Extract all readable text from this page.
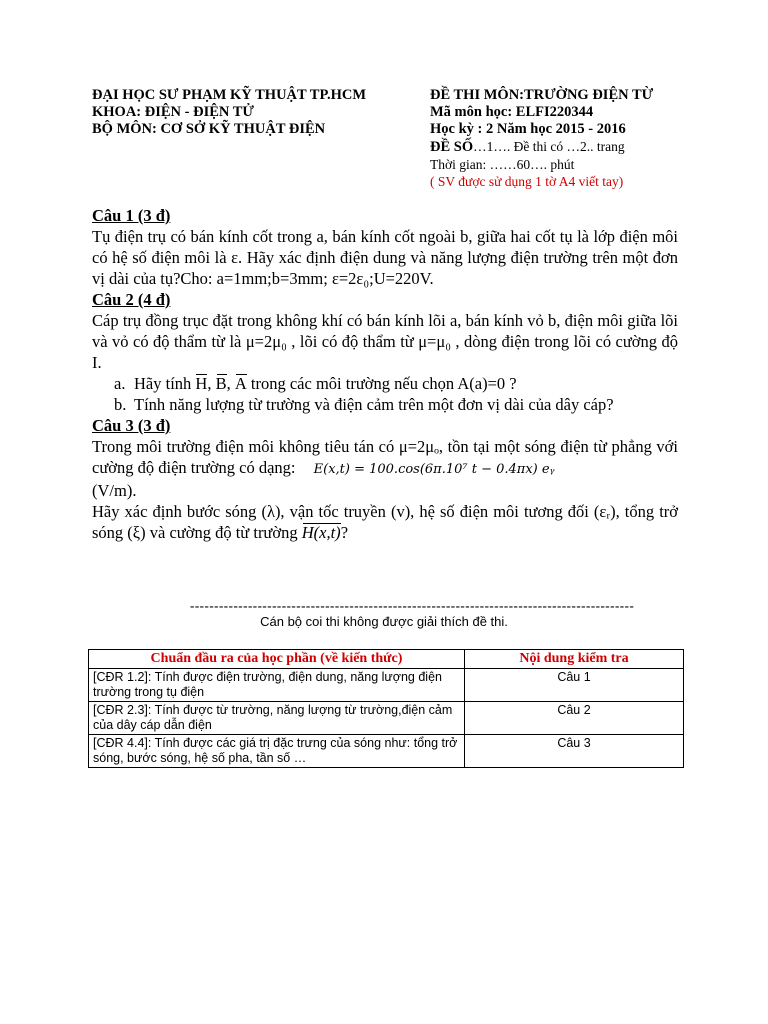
ĐẠI HỌC SƯ PHẠM KỸ THUẬT TP.HCM
KHOA: ĐIỆN - ĐIỆN TỬ
BỘ MÔN: CƠ SỞ KỸ THUẬT ĐIỆN
ĐỀ THI MÔN:TRƯỜNG ĐIỆN TỪ
Mã môn học: ELFI220344
Học kỳ : 2 Năm học 2015 - 2016
ĐỀ SỐ…1…. Đề thi có …2.. trang
Thời gian: ……60…. phút
( SV được sử dụng 1 tờ A4 viết tay)

Câu 1 (3 đ)

Tụ điện trụ có bán kính cốt trong a, bán kính cốt ngoài b, giữa hai cốt tụ là lớp điện môi có hệ số điện môi là ε. Hãy xác định điện dung và năng lượng điện trường trên một đơn vị dài của tụ?Cho: a=1mm;b=3mm; ε=2ε₀;U=220V.

Câu 2 (4 đ)

Cáp trụ đồng trục đặt trong không khí có bán kính lõi a, bán kính vỏ b, điện môi giữa lõi và vỏ có độ thẩm từ là μ=2μ₀ , lõi có độ thẩm từ μ=μ₀ , dòng điện trong lõi có cường độ I.

a. Hãy tính H, B, A trong các môi trường nếu chọn A(a)=0 ?
b. Tính năng lượng từ trường và điện cảm trên một đơn vị dài của dây cáp?

Câu 3 (3 đ)

Trong môi trường điện môi không tiêu tán có μ=2μₒ, tồn tại một sóng điện từ phẳng với cường độ điện trường có dạng: E(x,t) = 100.cos(6π.10⁷ t − 0.4πx) eᵧ
(V/m).

Hãy xác định bước sóng (λ), vận tốc truyền (v), hệ số điện môi tương đối (εᵣ), tổng trở sóng (ξ) và cường độ từ trường H(x,t)?

--------------------------------------------------------------------------------------------
Cán bộ coi thi không được giải thích đề thi.
Chuẩn đầu ra của học phần (về kiến thức)	Nội dung kiểm tra
[CĐR 1.2]: Tính được điện trường, điện dung, năng lượng điện trường trong tụ điện	Câu 1
[CĐR 2.3]: Tính được từ trường, năng lượng từ trường,điện cảm của dây cáp dẫn điện	Câu 2
[CĐR 4.4]: Tính được các giá trị đặc trưng của sóng như: tổng trở sóng, bước sóng, hệ số pha, tần số …	Câu 3
